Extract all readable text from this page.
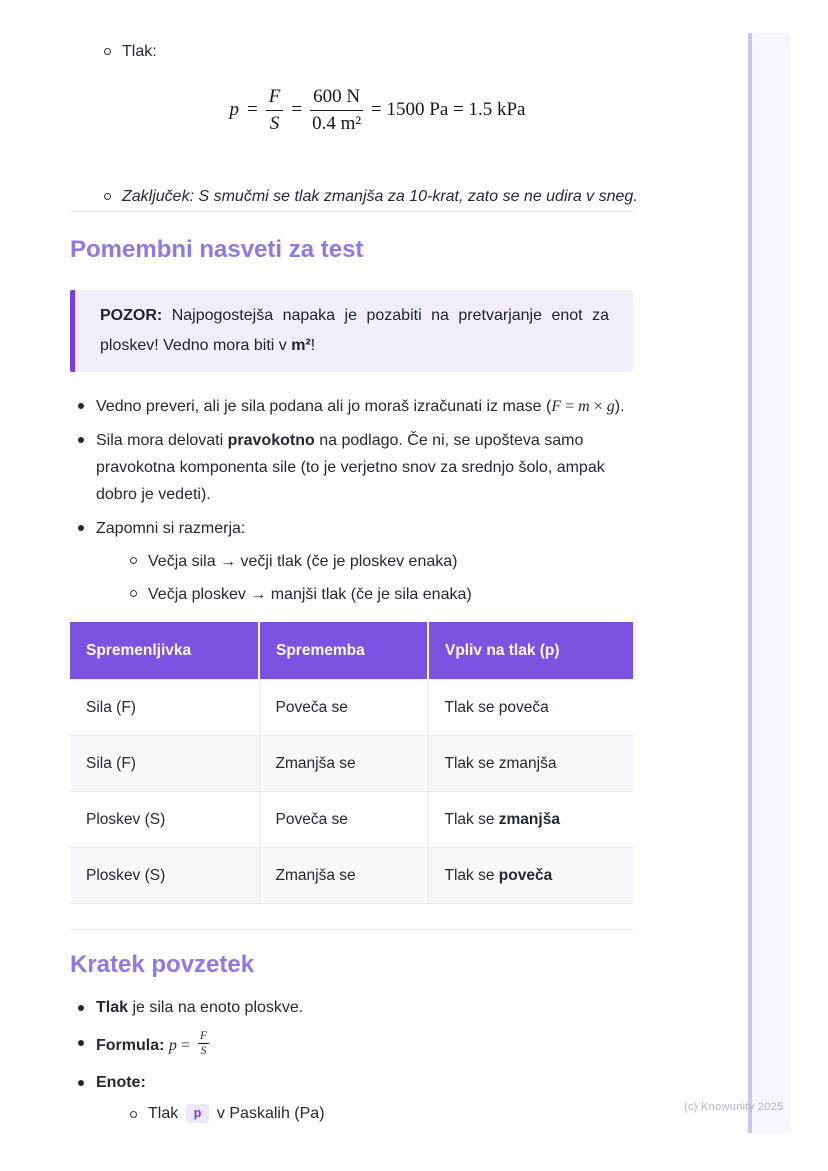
Tlak:
$p = \frac{F}{S} = \frac{600 N}{\text{0.4 m²}} = 1500$ Pa = 1.5 kPa
Zaključek: S smučmi se tlak zmanjša za 10-krat, zato se ne udira v sneg.
Pomembni nasveti za test
POZOR: Najpogostejša napaka je pozabiti na pretvarjanje enot za ploskev! Vedno mora biti v m²!
Vedno preveri, ali je sila podana ali jo moraš izračunati iz mase (F = m × g).
Sila mora delovati pravokotno na podlago. Če ni, se upošteva samo pravokotna komponenta sile (to je verjetno snov za srednjo šolo, ampak dobro je vedeti).
Zapomni si razmerja:
Večja sila → večji tlak (če je ploskev enaka)
Večja ploskev → manjši tlak (če je sila enaka)
Spremenljivka	Sprememba	Vpliv na tlak (p)
Sila (F)	Poveča se	Tlak se poveča
Sila (F)	Zmanjša se	Tlak se zmanjša
Ploskev (S)	Poveča se	Tlak se zmanjša
Ploskev (S)	Zmanjša se	Tlak se poveča
Kratek povzetek
Tlak je sila na enoto ploskve.
Formula: $p = \frac{F}{S}$
Enote:
Tlak p v Paskalih (Pa)	(c) Knowunity 2025
